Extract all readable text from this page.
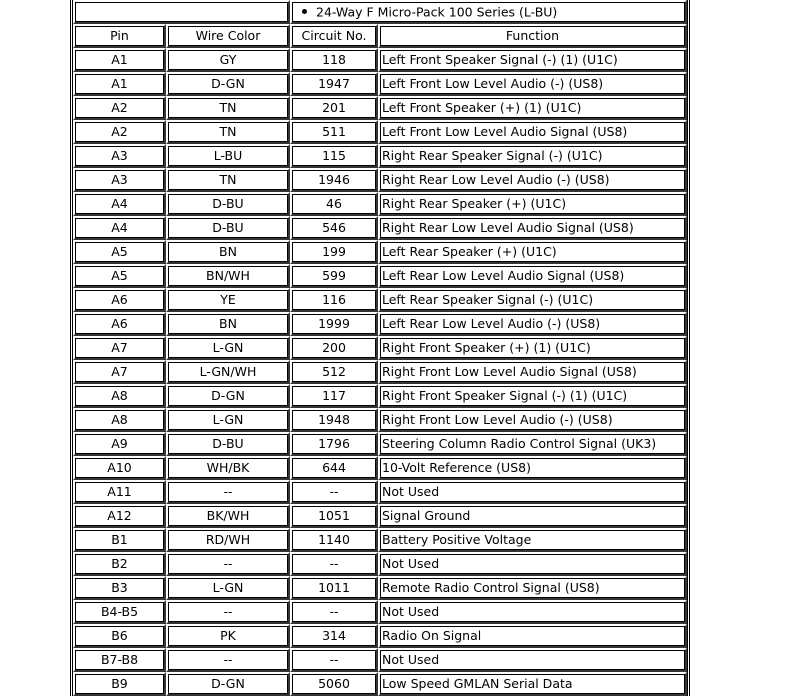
		24-Way F Micro-Pack 100 Series (L-BU)	
Pin	Wire Color	Circuit No.	Function
A1	GY	118	Left Front Speaker Signal (-) (1) (U1C)
A1	D-GN	1947	Left Front Low Level Audio (-) (US8)
A2	TN	201	Left Front Speaker (+) (1) (U1C)
A2	TN	511	Left Front Low Level Audio Signal (US8)
A3	L-BU	115	Right Rear Speaker Signal (-) (U1C)
A3	TN	1946	Right Rear Low Level Audio (-) (US8)
A4	D-BU	46	Right Rear Speaker (+) (U1C)
A4	D-BU	546	Right Rear Low Level Audio Signal (US8)
A5	BN	199	Left Rear Speaker (+) (U1C)
A5	BN/WH	599	Left Rear Low Level Audio Signal (US8)
A6	YE	116	Left Rear Speaker Signal (-) (U1C)
A6	BN	1999	Left Rear Low Level Audio (-) (US8)
A7	L-GN	200	Right Front Speaker (+) (1) (U1C)
A7	L-GN/WH	512	Right Front Low Level Audio Signal (US8)
A8	D-GN	117	Right Front Speaker Signal (-) (1) (U1C)
A8	L-GN	1948	Right Front Low Level Audio (-) (US8)
A9	D-BU	1796	Steering Column Radio Control Signal (UK3)
A10	WH/BK	644	10-Volt Reference (US8)
A11	--	--	Not Used
A12	BK/WH	1051	Signal Ground
B1	RD/WH	1140	Battery Positive Voltage
B2	--	--	Not Used
B3	L-GN	1011	Remote Radio Control Signal (US8)
B4-B5	--	--	Not Used
B6	PK	314	Radio On Signal
B7-B8	--	--	Not Used
B9	D-GN	5060	Low Speed GMLAN Serial Data
